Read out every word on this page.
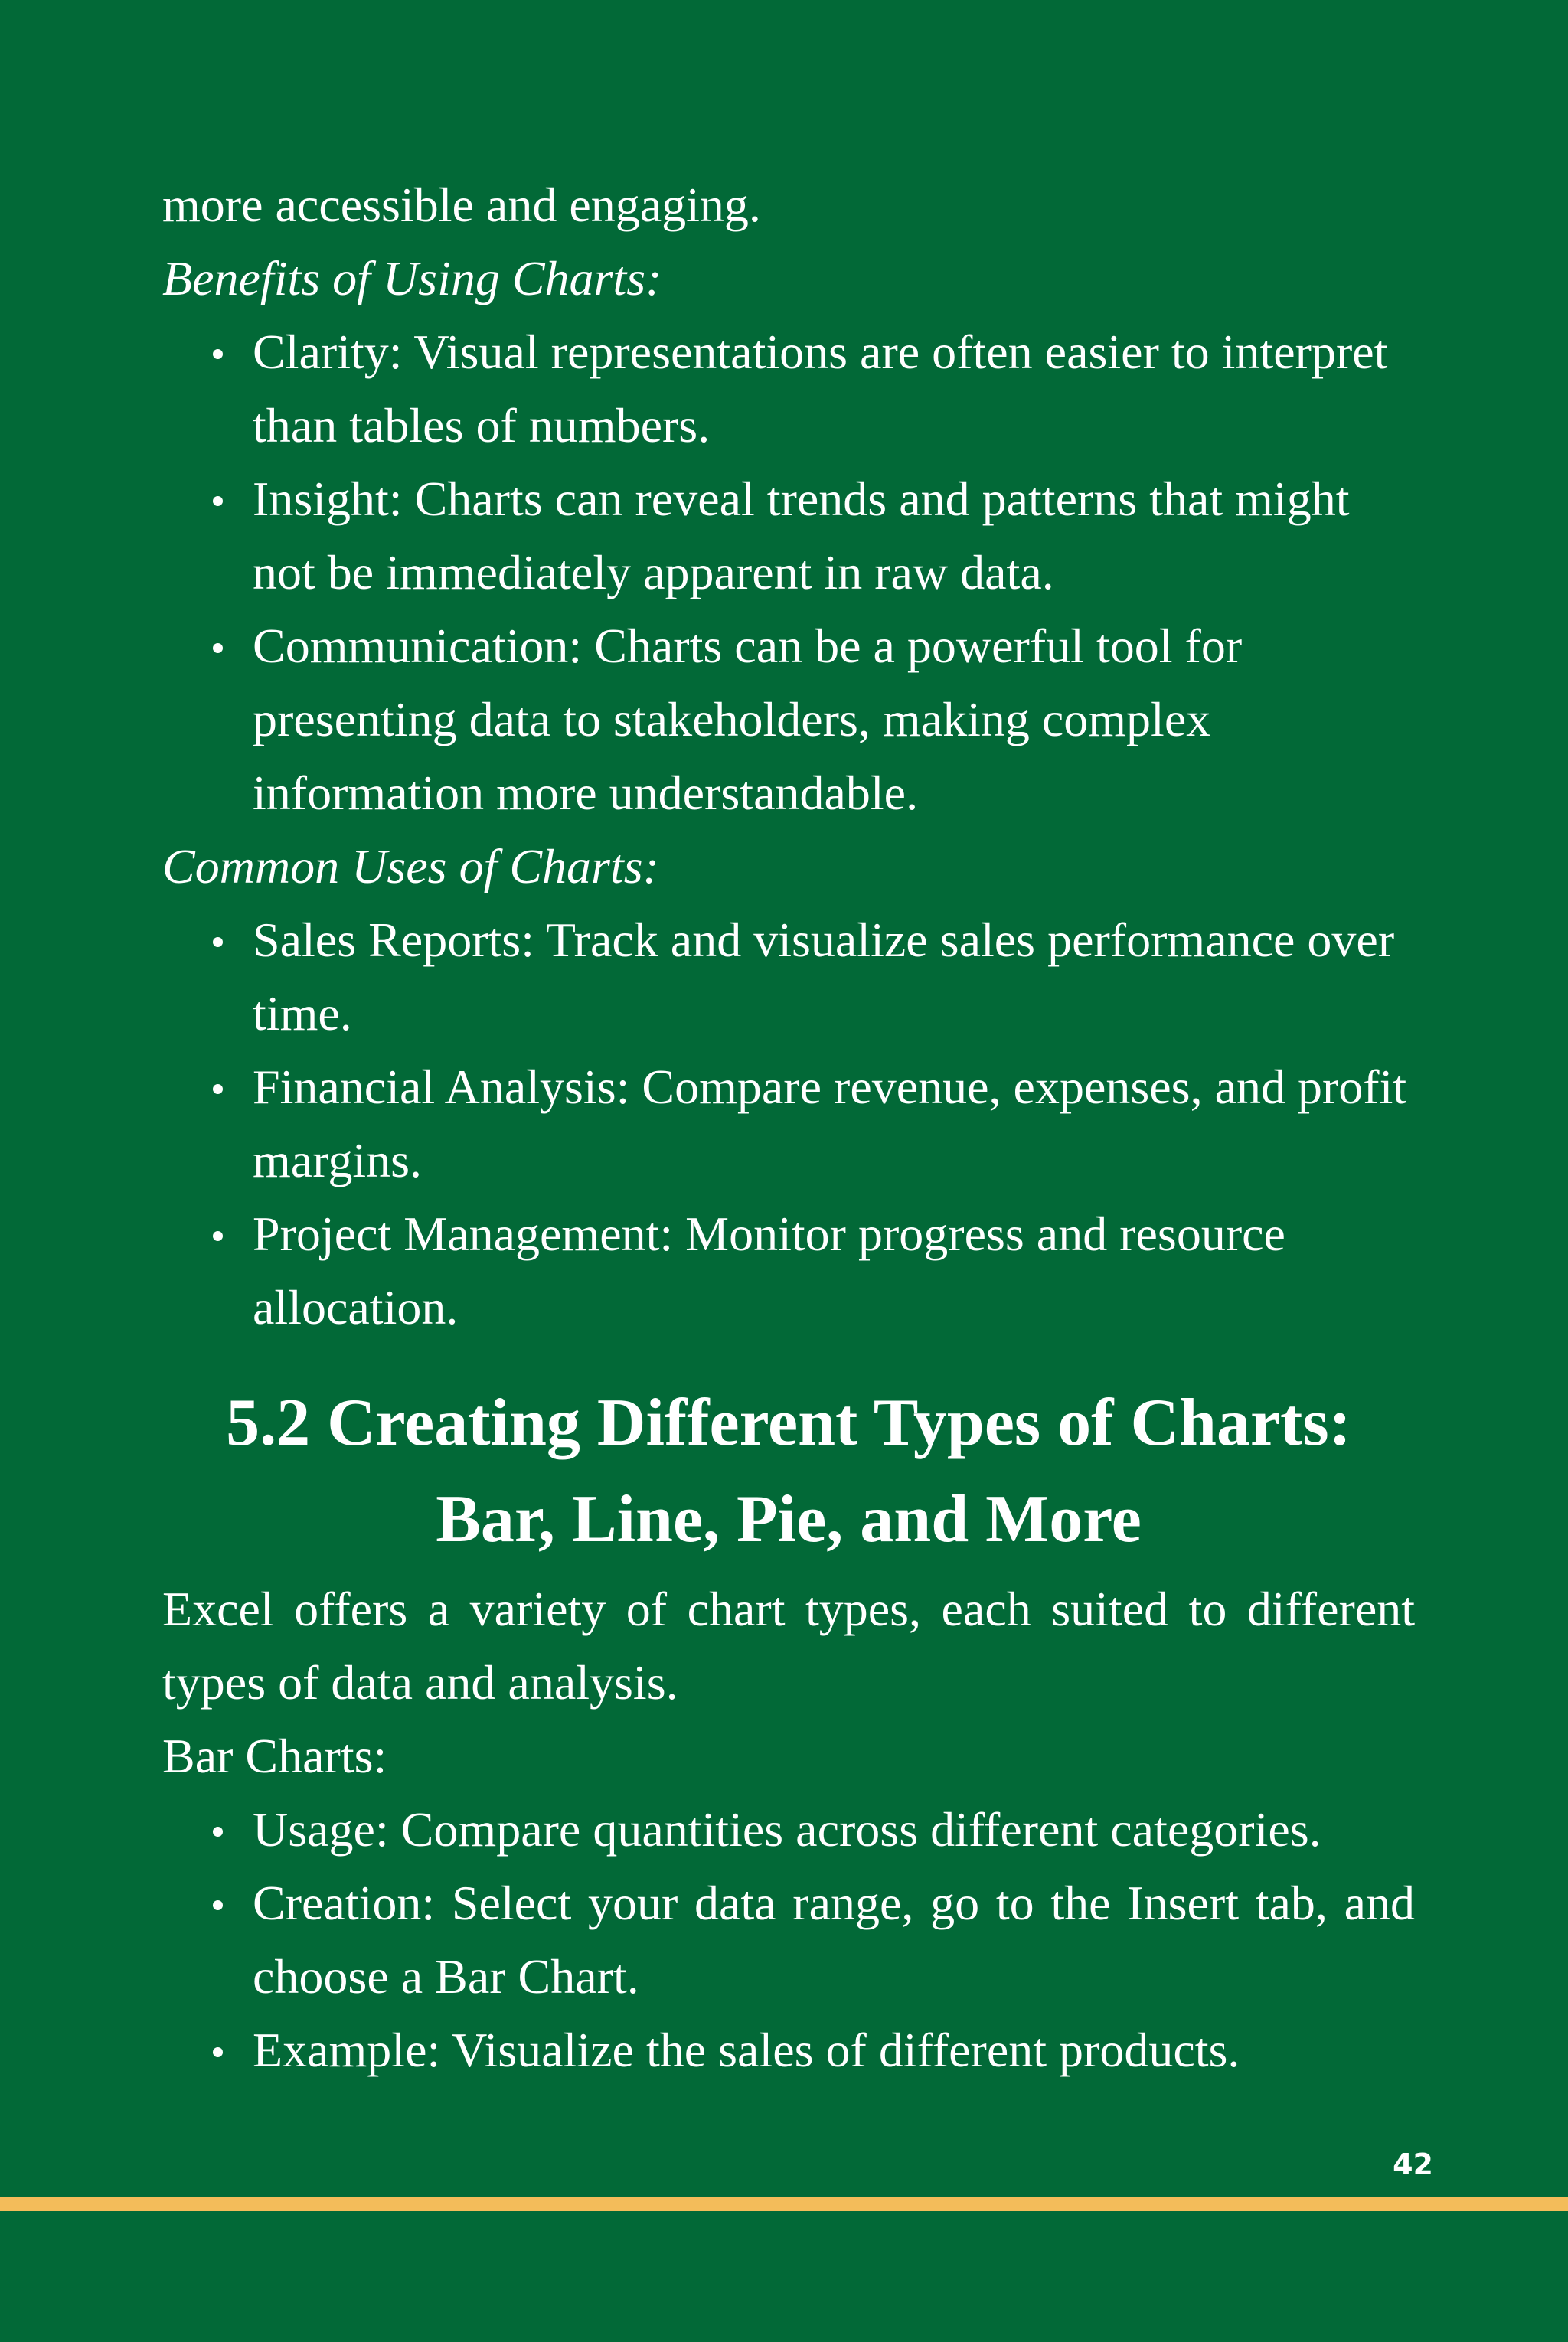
more accessible and engaging.

Benefits of Using Charts:

Clarity: Visual representations are often easier to interpret than tables of numbers.
Insight: Charts can reveal trends and patterns that might not be immediately apparent in raw data.
Communication: Charts can be a powerful tool for presenting data to stakeholders, making complex information more understandable.

Common Uses of Charts:

Sales Reports: Track and visualize sales performance over time.
Financial Analysis: Compare revenue, expenses, and profit margins.
Project Management: Monitor progress and resource allocation.
5.2 Creating Different Types of Charts: Bar, Line, Pie, and More

Excel offers a variety of chart types, each suited to different types of data and analysis.

Bar Charts:

Usage: Compare quantities across different categories.
Creation: Select your data range, go to the Insert tab, and choose a Bar Chart.
Example: Visualize the sales of different products.
42
